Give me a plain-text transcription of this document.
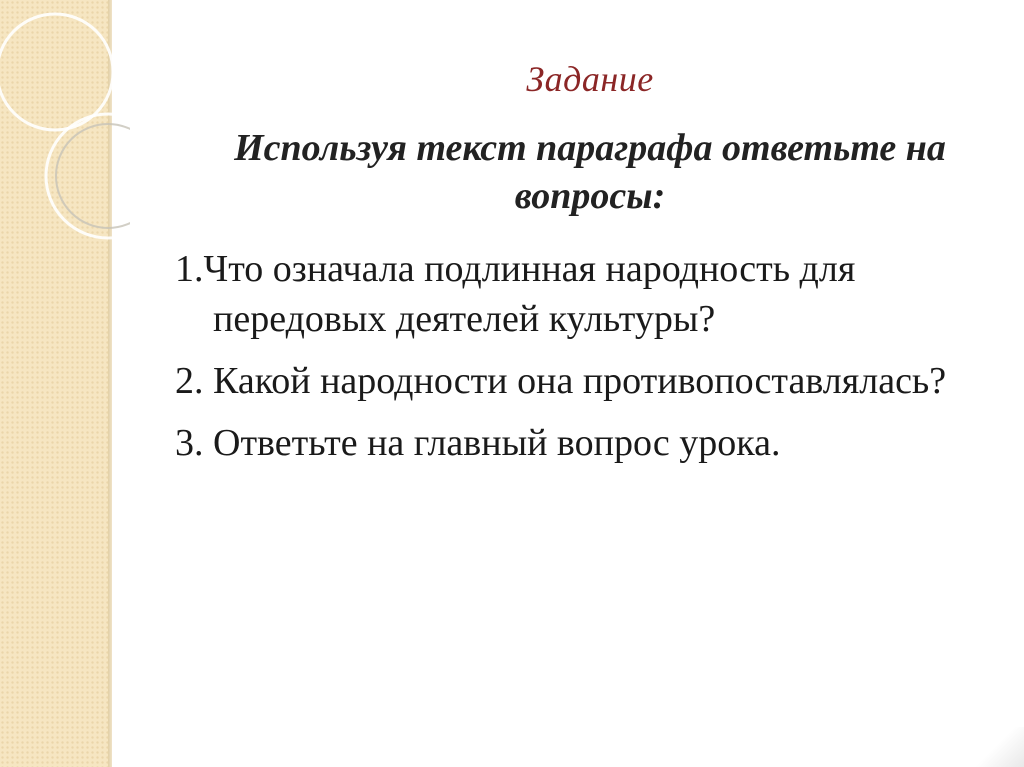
Задание
Используя текст параграфа ответьте на вопросы:
1.Что означала подлинная народность для передовых деятелей культуры?
2. Какой народности она противопоставлялась?
3. Ответьте на главный вопрос урока.
